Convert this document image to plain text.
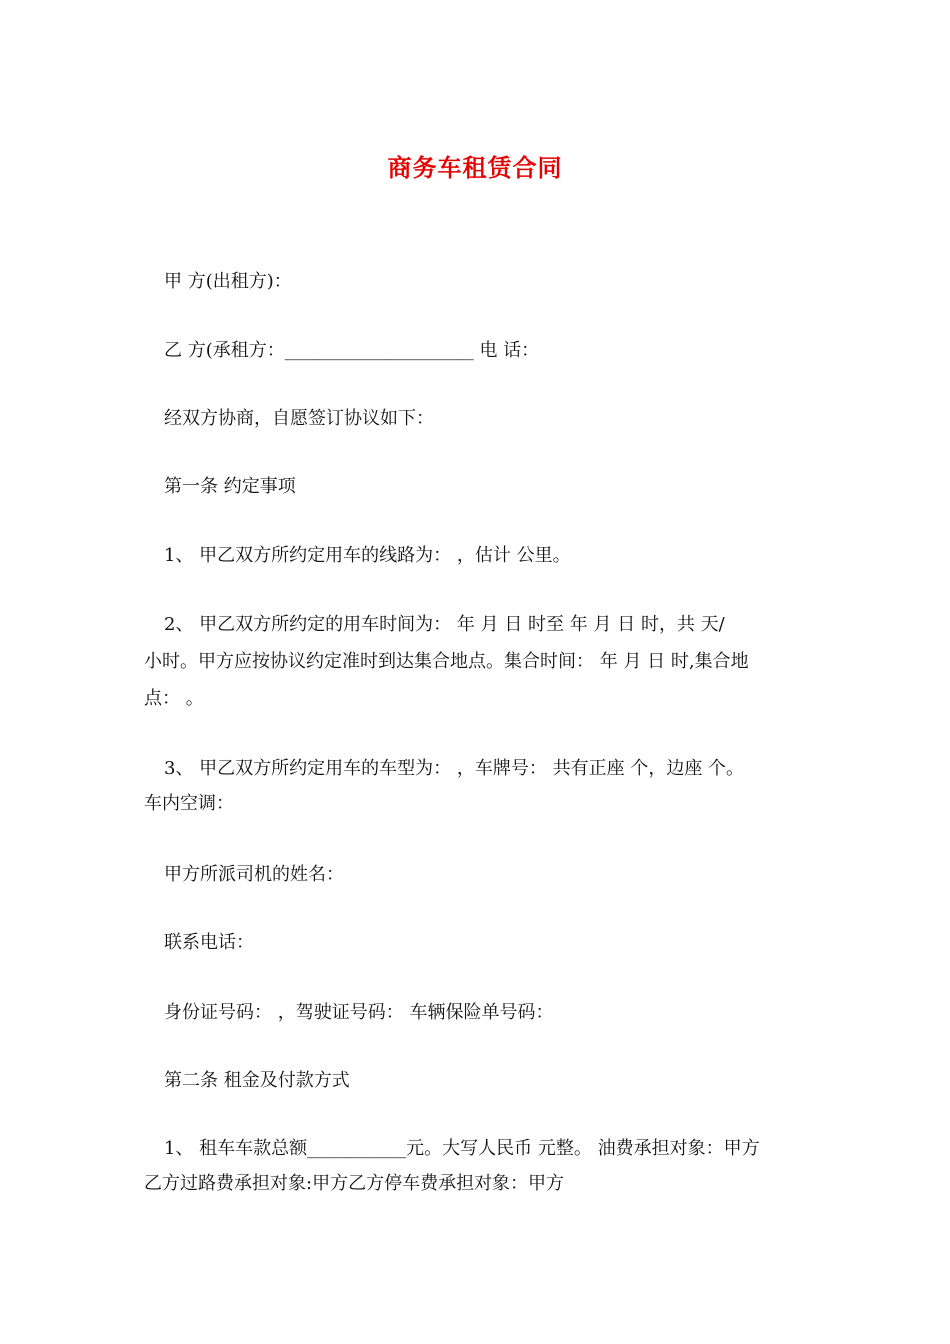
商务车租赁合同
甲 方(出租方)：
乙 方(承租方：_____________________ 电 话：
经双方协商，自愿签订协议如下：
第一条 约定事项
1、 甲乙双方所约定用车的线路为： ，估计 公里。
2、 甲乙双方所约定的用车时间为： 年 月 日 时至 年 月 日 时，共 天/
小时。甲方应按协议约定准时到达集合地点。集合时间： 年 月 日 时,集合地
点： 。
3、 甲乙双方所约定用车的车型为： ，车牌号： 共有正座 个，边座 个。
车内空调：
甲方所派司机的姓名：
联系电话：
身份证号码： ，驾驶证号码： 车辆保险单号码：
第二条 租金及付款方式
1、 租车车款总额___________元。大写人民币 元整。 油费承担对象：甲方
乙方过路费承担对象:甲方乙方停车费承担对象：甲方
